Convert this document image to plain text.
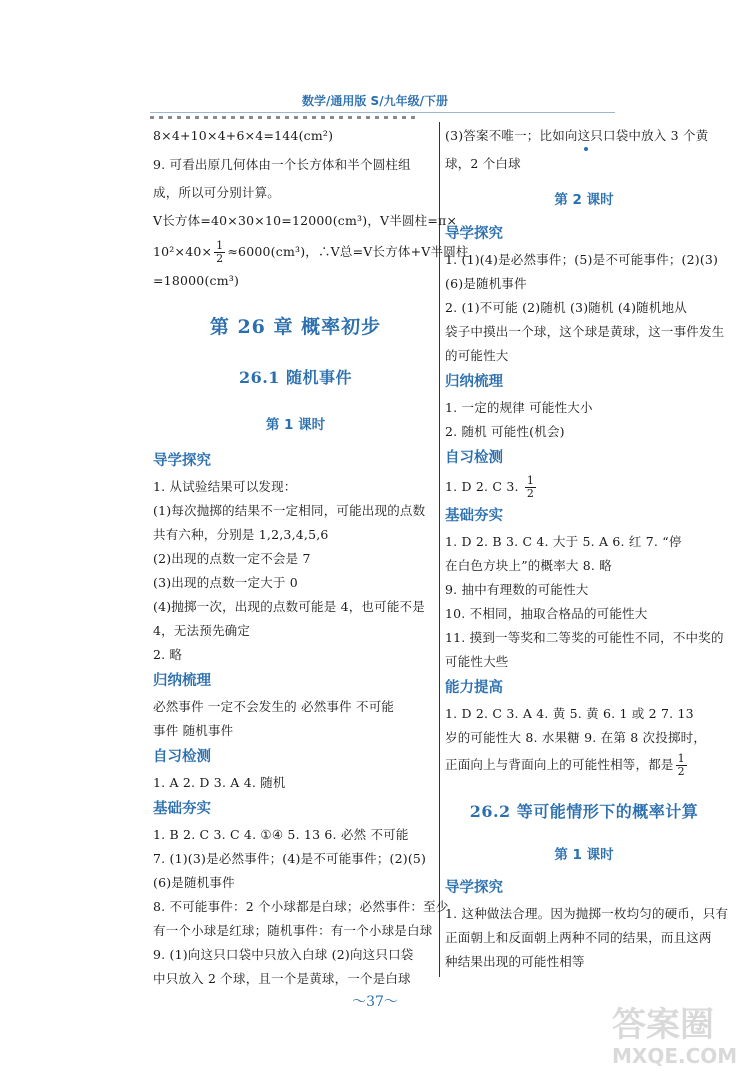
数学/通用版 S/九年级/下册
8×4+10×4+6×4=144(cm²)
9. 可看出原几何体由一个长方体和半个圆柱组
成，所以可分别计算。
V长方体=40×30×10=12000(cm³)，V半圆柱=π×
$10^2\times 40\times \frac{1}{2} \approx 6000(cm^3)$，∴V总=V长方体+V半圆柱
=18000(cm³)
第 26 章 概率初步
26.1 随机事件
第 1 课时
导学探究
1. 从试验结果可以发现：
(1)每次抛掷的结果不一定相同，可能出现的点数
共有六种，分别是 1,2,3,4,5,6
(2)出现的点数一定不会是 7
(3)出现的点数一定大于 0
(4)抛掷一次，出现的点数可能是 4，也可能不是
4，无法预先确定
2. 略
归纳梳理
必然事件 一定不会发生的 必然事件 不可能
事件 随机事件
自习检测
1. A 2. D 3. A 4. 随机
基础夯实
1. B 2. C 3. C 4. ①④ 5. 13 6. 必然 不可能
7. (1)(3)是必然事件；(4)是不可能事件；(2)(5)
(6)是随机事件
8. 不可能事件：2 个小球都是白球；必然事件：至少
有一个小球是红球；随机事件：有一个小球是白球
9. (1)向这只口袋中只放入白球 (2)向这只口袋
中只放入 2 个球，且一个是黄球，一个是白球
(3)答案不唯一；比如向这只口袋中放入 3 个黄
球，2 个白球
第 2 课时
导学探究
1. (1)(4)是必然事件；(5)是不可能事件；(2)(3)
(6)是随机事件
2. (1)不可能 (2)随机 (3)随机 (4)随机地从
袋子中摸出一个球，这个球是黄球，这一事件发生
的可能性大
归纳梳理
1. 一定的规律 可能性大小
2. 随机 可能性(机会)
自习检测
1. D 2. C 3. $\frac{1}{2}$
基础夯实
1. D 2. B 3. C 4. 大于 5. A 6. 红 7. “停
在白色方块上”的概率大 8. 略
9. 抽中有理数的可能性大
10. 不相同，抽取合格品的可能性大
11. 摸到一等奖和二等奖的可能性不同，不中奖的
可能性大些
能力提高
1. D 2. C 3. A 4. 黄 5. 黄 6. 1 或 2 7. 13
岁的可能性大 8. 水果糖 9. 在第 8 次投掷时，
正面向上与背面向上的可能性相等，都是 $\frac{1}{2}$
26.2 等可能情形下的概率计算
第 1 课时
导学探究
1. 这种做法合理。因为抛掷一枚均匀的硬币，只有
正面朝上和反面朝上两种不同的结果，而且这两
种结果出现的可能性相等
～37～
答案圈
MXQE.COM
